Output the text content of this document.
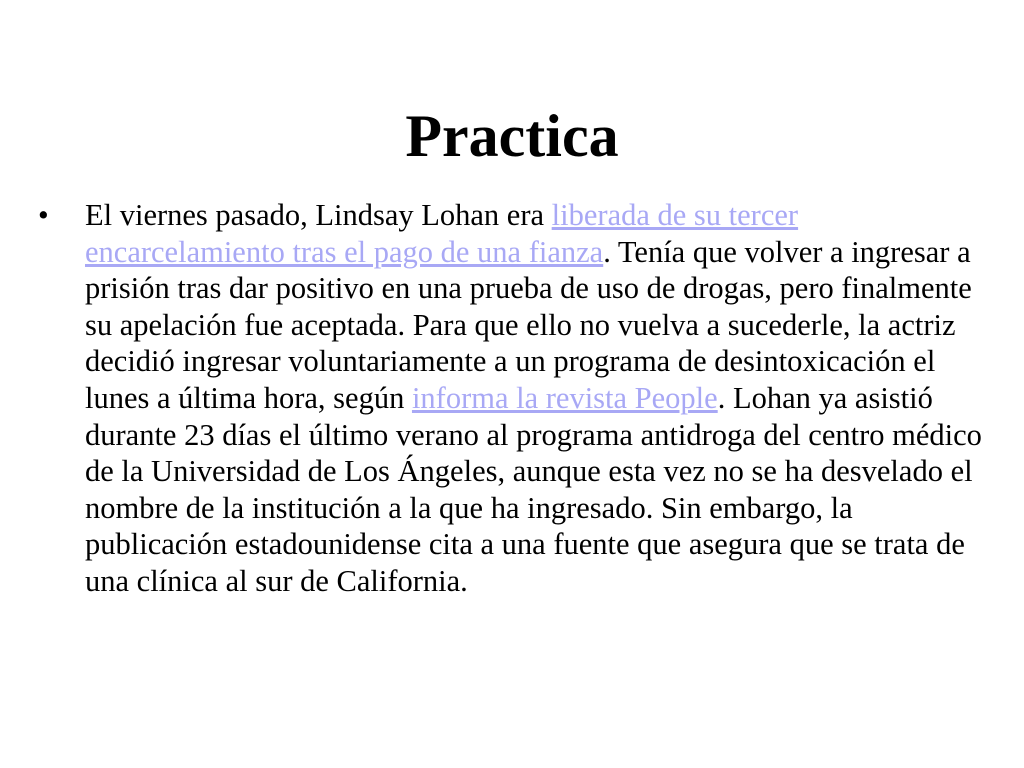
Practica
• El viernes pasado, Lindsay Lohan era liberada de su tercer encarcelamiento tras el pago de una fianza. Tenía que volver a ingresar a prisión tras dar positivo en una prueba de uso de drogas, pero finalmente su apelación fue aceptada. Para que ello no vuelva a sucederle, la actriz decidió ingresar voluntariamente a un programa de desintoxicación el lunes a última hora, según informa la revista People. Lohan ya asistió durante 23 días el último verano al programa antidroga del centro médico de la Universidad de Los Ángeles, aunque esta vez no se ha desvelado el nombre de la institución a la que ha ingresado. Sin embargo, la publicación estadounidense cita a una fuente que asegura que se trata de una clínica al sur de California.
